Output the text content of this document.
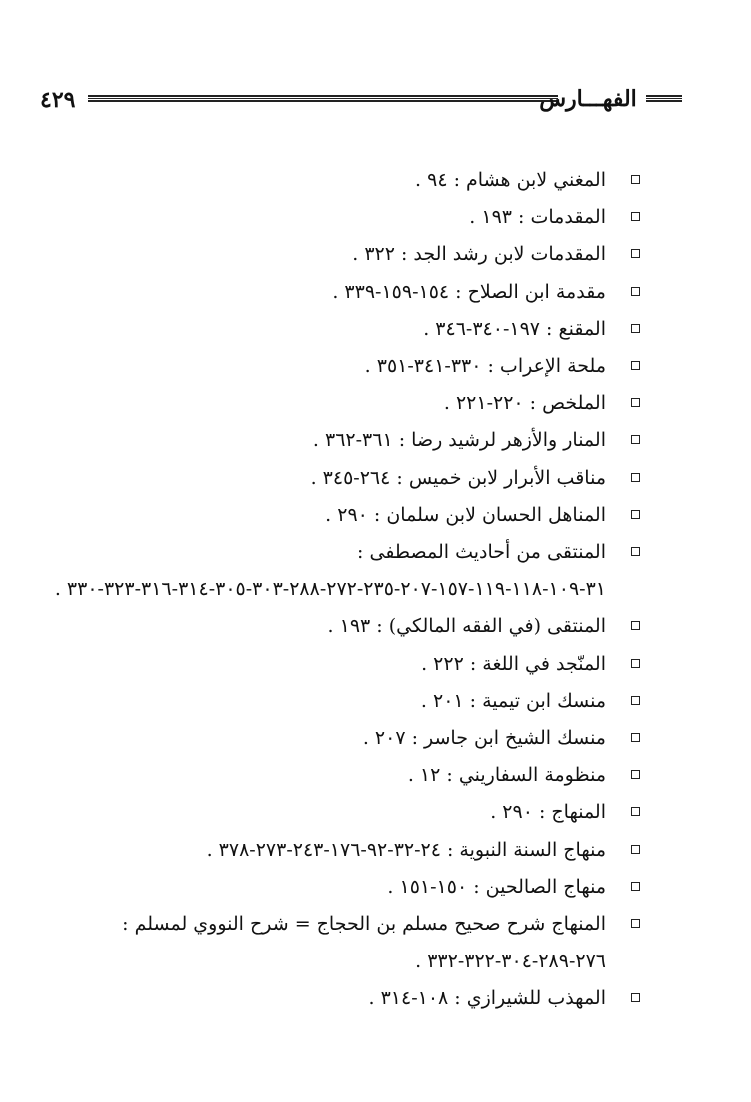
٤٢٩	الفهـــارس
المغني لابن هشام : ٩٤ .
المقدمات : ١٩٣ .
المقدمات لابن رشد الجد : ٣٢٢ .
مقدمة ابن الصلاح : ١٥٤-١٥٩-٣٣٩ .
المقنع : ١٩٧-٣٤٠-٣٤٦ .
ملحة الإعراب : ٣٣٠-٣٤١-٣٥١ .
الملخص : ٢٢٠-٢٢١ .
المنار والأزهر لرشيد رضا : ٣٦١-٣٦٢ .
مناقب الأبرار لابن خميس : ٢٦٤-٣٤٥ .
المناهل الحسان لابن سلمان : ٢٩٠ .
المنتقى من أحاديث المصطفى : ٣١-١٠٩-١١٨-١١٩-١٥٧-٢٠٧-٢٣٥-٢٧٢-٢٨٨-٣٠٣-٣٠٥-٣١٤-٣١٦-٣٢٣-٣٣٠ .
المنتقى (في الفقه المالكي) : ١٩٣ .
المنّجد في اللغة : ٢٢٢ .
منسك ابن تيمية : ٢٠١ .
منسك الشيخ ابن جاسر : ٢٠٧ .
منظومة السفاريني : ١٢ .
المنهاج : ٢٩٠ .
منهاج السنة النبوية : ٢٤-٣٢-٩٢-١٧٦-٢٤٣-٢٧٣-٣٧٨ .
منهاج الصالحين : ١٥٠-١٥١ .
المنهاج شرح صحيح مسلم بن الحجاج = شرح النووي لمسلم : ٢٧٦-٢٨٩-٣٠٤-٣٢٢-٣٣٢ .
المهذب للشيرازي : ١٠٨-٣١٤ .
